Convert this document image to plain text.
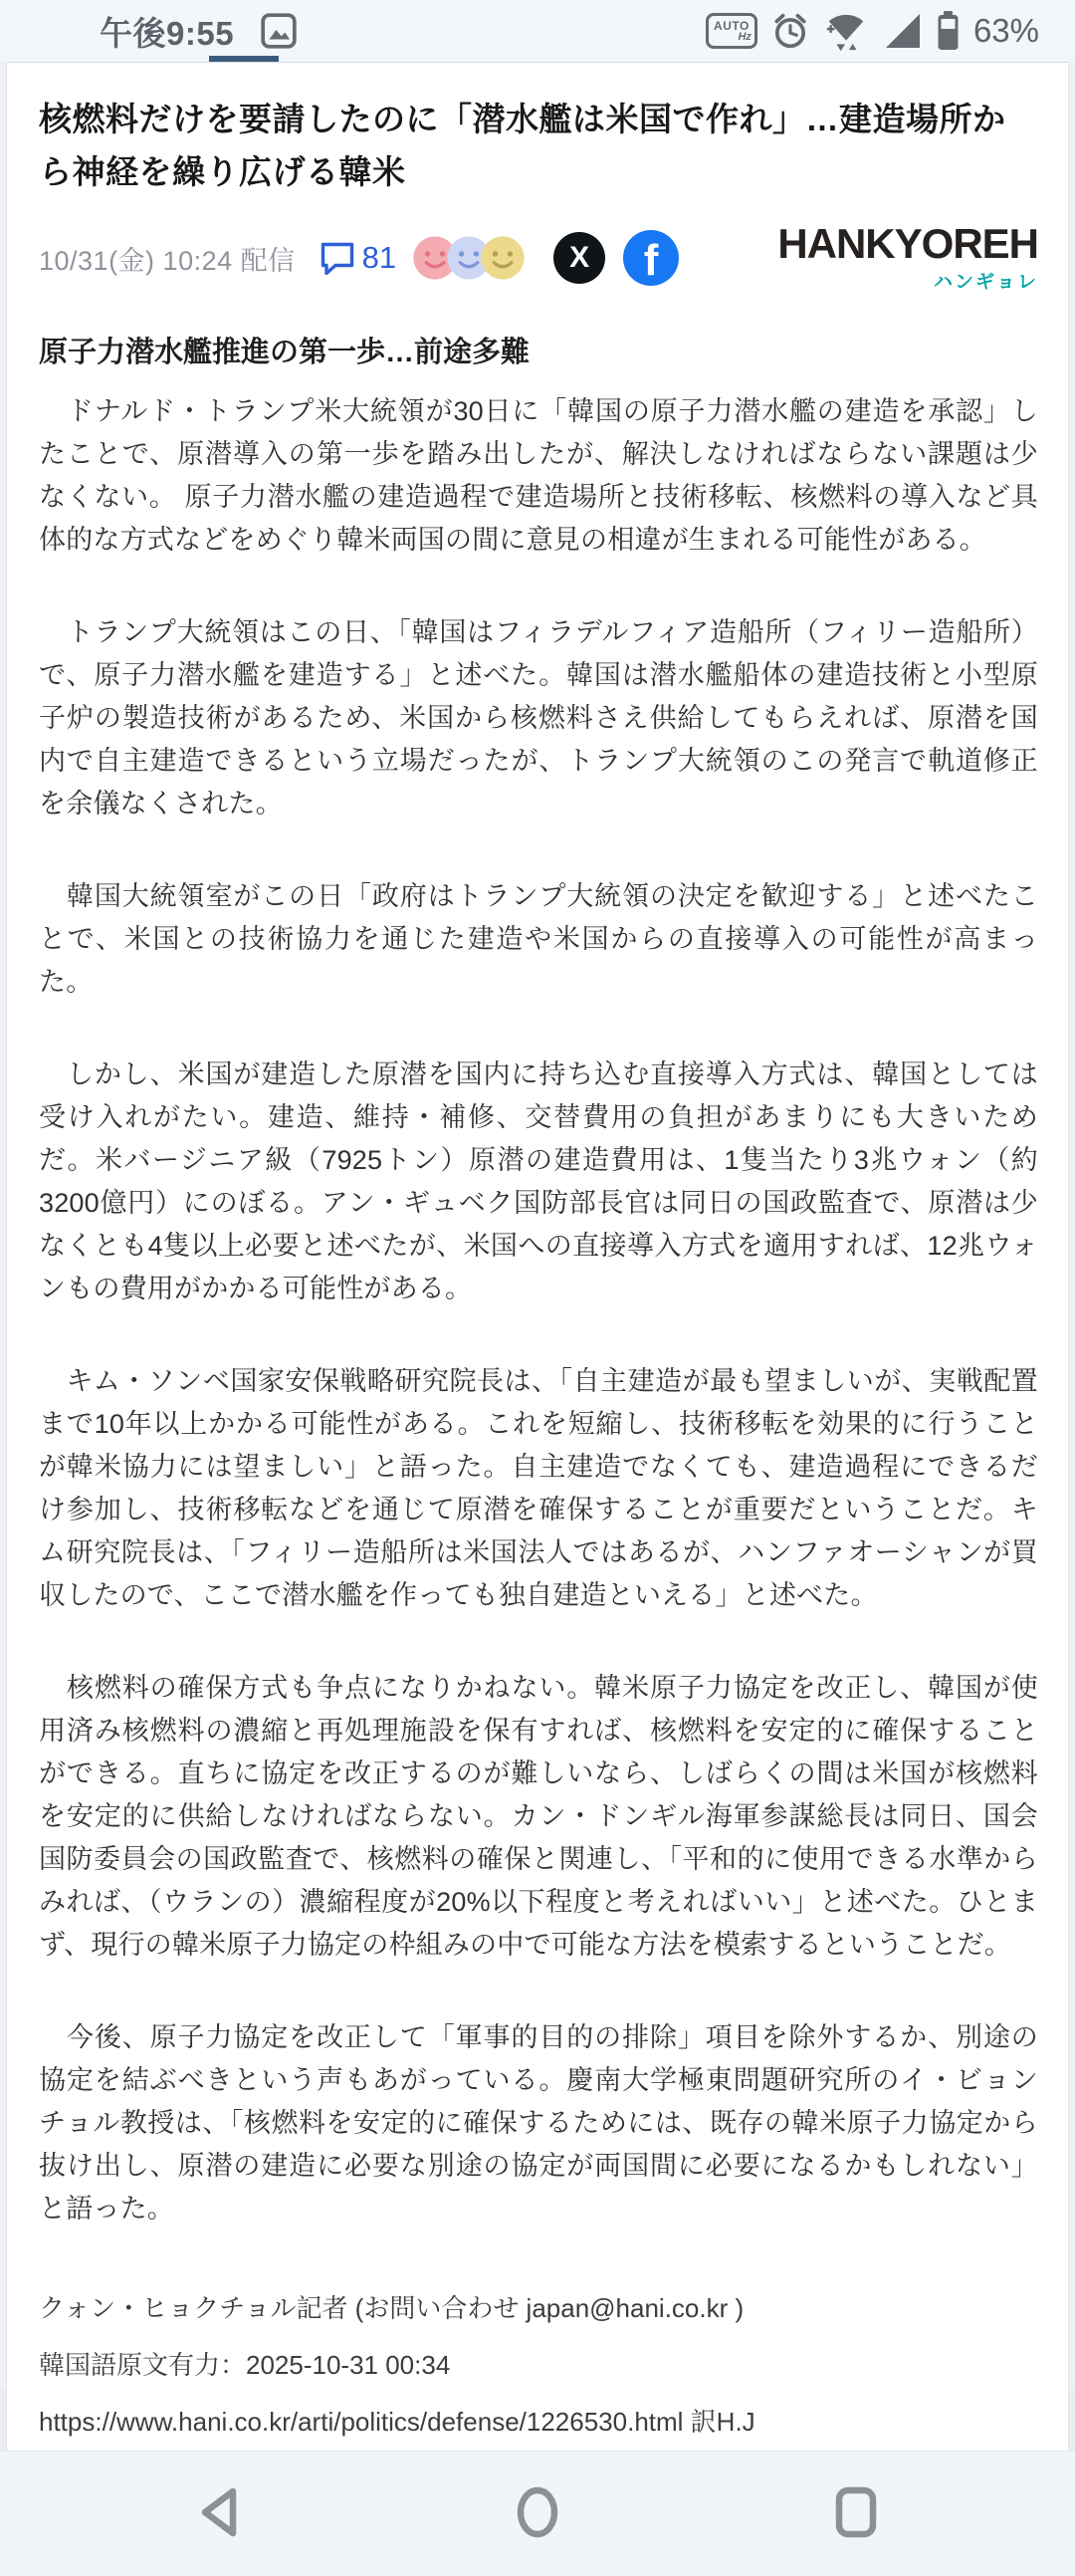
午後9:55	AUTO
Hz	63%
核燃料だけを要請したのに「潜水艦は米国で作れ」…建造場所から神経を繰り広げる韓米
10/31(金) 10:24 配信 81	X f	HANKYOREH
ハンギョレ
原子力潜水艦推進の第一歩…前途多難

　ドナルド・トランプ米大統領が30日に「韓国の原子力潜水艦の建造を承認」したことで、原潜導入の第一歩を踏み出したが、解決しなければならない課題は少なくない。 原子力潜水艦の建造過程で建造場所と技術移転、核燃料の導入など具体的な方式などをめぐり韓米両国の間に意見の相違が生まれる可能性がある。

　トランプ大統領はこの日、「韓国はフィラデルフィア造船所（フィリー造船所）で、原子力潜水艦を建造する」と述べた。韓国は潜水艦船体の建造技術と小型原子炉の製造技術があるため、米国から核燃料さえ供給してもらえれば、原潜を国内で自主建造できるという立場だったが、トランプ大統領のこの発言で軌道修正を余儀なくされた。

　韓国大統領室がこの日「政府はトランプ大統領の決定を歓迎する」と述べたことで、米国との技術協力を通じた建造や米国からの直接導入の可能性が高まった。

　しかし、米国が建造した原潜を国内に持ち込む直接導入方式は、韓国としては受け入れがたい。建造、維持・補修、交替費用の負担があまりにも大きいためだ。米バージニア級（7925トン）原潜の建造費用は、1隻当たり3兆ウォン（約3200億円）にのぼる。アン・ギュベク国防部長官は同日の国政監査で、原潜は少なくとも4隻以上必要と述べたが、米国への直接導入方式を適用すれば、12兆ウォンもの費用がかかる可能性がある。

　キム・ソンベ国家安保戦略研究院長は、「自主建造が最も望ましいが、実戦配置まで10年以上かかる可能性がある。これを短縮し、技術移転を効果的に行うことが韓米協力には望ましい」と語った。自主建造でなくても、建造過程にできるだけ参加し、技術移転などを通じて原潜を確保することが重要だということだ。キム研究院長は、「フィリー造船所は米国法人ではあるが、ハンファオーシャンが買収したので、ここで潜水艦を作っても独自建造といえる」と述べた。

　核燃料の確保方式も争点になりかねない。韓米原子力協定を改正し、韓国が使用済み核燃料の濃縮と再処理施設を保有すれば、核燃料を安定的に確保することができる。直ちに協定を改正するのが難しいなら、しばらくの間は米国が核燃料を安定的に供給しなければならない。カン・ドンギル海軍参謀総長は同日、国会国防委員会の国政監査で、核燃料の確保と関連し、「平和的に使用できる水準からみれば、（ウランの）濃縮程度が20%以下程度と考えればいい」と述べた。ひとまず、現行の韓米原子力協定の枠組みの中で可能な方法を模索するということだ。

　今後、原子力協定を改正して「軍事的目的の排除」項目を除外するか、別途の協定を結ぶべきという声もあがっている。慶南大学極東問題研究所のイ・ビョンチョル教授は、「核燃料を安定的に確保するためには、既存の韓米原子力協定から抜け出し、原潜の建造に必要な別途の協定が両国間に必要になるかもしれない」と語った。

クォン・ヒョクチョル記者 (お問い合わせ japan@hani.co.kr )
韓国語原文有力：2025-10-31 00:34
https://www.hani.co.kr/arti/politics/defense/1226530.html 訳H.J
